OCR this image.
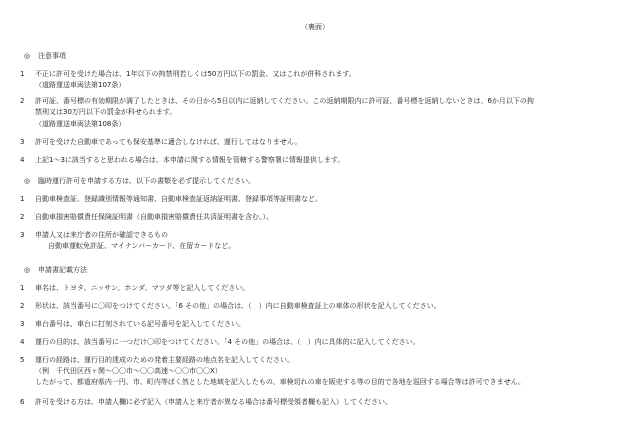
（裏面）
◎ 注意事項
1 不正に許可を受けた場合は、1年以下の拘禁刑若しくは50万円以下の罰金、又はこれが併科されます。
（道路運送車両法第107条）
2 許可証、番号標の有効期限が満了したときは、その日から5日以内に返納してください。この返納期限内に許可証、番号標を返納しないときは、6か月以下の拘
禁刑又は30万円以下の罰金が科せられます。
（道路運送車両法第108条）
3 許可を受けた自動車であっても保安基準に適合しなければ、運行してはなりません。
4 上記1～3に該当すると思われる場合は、本申請に関する情報を管轄する警察署に情報提供します。
◎ 臨時運行許可を申請する方は、以下の書類を必ず提示してください。
1 自動車検査証、登録識別情報等通知書、自動車検査証返納証明書、登録事項等証明書など。
2 自動車損害賠償責任保険証明書（自動車損害賠償責任共済証明書を含む。）。
3 申請人又は来庁者の住所が確認できるもの
自動車運転免許証、マイナンバーカード、在留カードなど。
◎ 申請書記載方法
1 車名は、トヨタ、ニッサン、ホンダ、マツダ等と記入してください。
2 形状は、該当番号に〇印をつけてください。「6 その他」の場合は、（　）内に自動車検査証上の車体の形状を記入してください。
3 車台番号は、車台に打刻されている記号番号を記入してください。
4 運行の目的は、該当番号に一つだけ〇印をつけてください。「4 その他」の場合は、（　）内に具体的に記入してください。
5 運行の経路は、運行目的達成のための発着主要経路の地点名を記入してください。
（例　千代田区西ヶ関～〇〇市～〇〇高速～〇〇市〇〇X）
したがって、都道府県内一円、市、町内等ばく然とした地域を記入したもの、車検切れの車を販売する等の目的で各地を巡回する場合等は許可できません。
6 許可を受ける方は、申請人欄に必ず記入（申請人と来庁者が異なる場合は番号標受領者欄も記入）してください。
